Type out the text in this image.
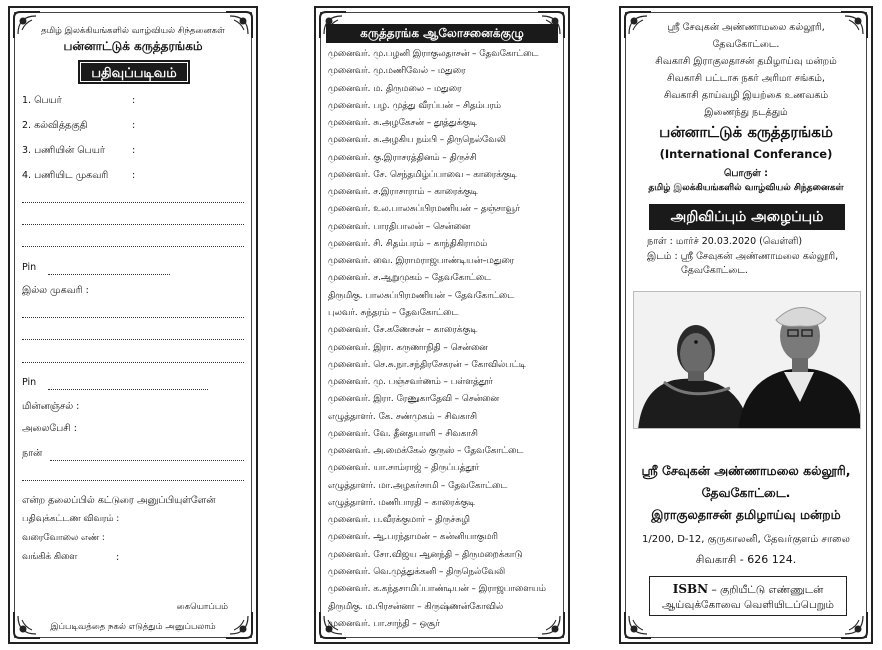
தமிழ் இலக்கியங்களில் வாழ்வியல் சிந்தனைகள்
பன்னாட்டுக் கருத்தரங்கம்
பதிவுப்படிவம்
1. பெயர்	:
2. கல்வித்தகுதி	:
3. பணியின் பெயர்	:
4. பணியிட முகவரி	:
Pin
இல்ல முகவரி :
Pin
மின்னஞ்சல் :
அலைபேசி :
நான்
என்ற தலைப்பில் கட்டுரை அனுப்பியுள்ளேன்
பதிவுக்கட்டண விவரம் :
வரைவோலை எண் :
வங்கிக் கிளை	:
கையொப்பம்
இப்படிவத்தை நகல் எடுத்தும் அனுப்பலாம்
கருத்தரங்க ஆலோசனைக்குழு
முனைவர். மு.பழனி இராகுலதாசன் – தேவகோட்டை
முனைவர். மு.மணிவேல் – மதுரை
முனைவர். ம. திருமலை – மதுரை
முனைவர். பழ. முத்து வீரப்பன் – சிதம்பரம்
முனைவர். சு.அழகேசன் – தூத்துக்குடி
முனைவர். சு.அழகிய நம்பி – திருநெல்வேலி
முனைவர். கு.இராசரத்தினம் – திருச்சி
முனைவர். சே. செந்தமிழ்ப்பாவை – காரைக்குடி
முனைவர். ச.இராசாராம் – காரைக்குடி
முனைவர். உல.பாலசுப்பிரமணியன் – தஞ்சாவூர்
முனைவர். பாரதிபாலன் – சென்னை
முனைவர். சி. சிதம்பரம் – காந்திகிராமம்
முனைவர். வை. இராமராஜபாண்டியன்–மதுரை
முனைவர். ச.ஆறுமுகம் – தேவகோட்டை
திருமிகு. பாலசுப்பிரமணியன் – தேவகோட்டை
புலவர். சுந்தரம் – தேவகோட்டை
முனைவர். சே.கணேசன் – காரைக்குடி
முனைவர். இரா. கருணாநிதி – சென்னை
முனைவர். செ.சு.நா.சந்திரசேகரன் – கோவில்பட்டி
முனைவர். மு. பஞ்சவர்ணம் – பள்ளத்தூர்
முனைவர். இரா. ரேணுகாதேவி – சென்னை
எழுத்தாளர். கே. சண்முகம் – சிவகாசி
முனைவர். வே. தீனதயாளி – சிவகாசி
முனைவர். அ.மைக்கேல் குருஸ் – தேவகோட்டை
முனைவர். யா.சாம்ராஜ் – திருப்பத்தூர்
எழுத்தாளர். மா.அழகர்சாமி – தேவகோட்டை
எழுத்தாளர். மணிபாரதி – காரைக்குடி
முனைவர். ப.வீரக்குமார் – திருச்சுழி
முனைவர். ஆ.பரந்தாமன் – கன்னியாகுமரி
முனைவர். சோ.விஜய ஆனந்தி – திருமறைக்காடு
முனைவர். வெ.முத்துக்கனி – திருநெல்வேலி
முனைவர். க.கந்தசாமிப்பாண்டியன் – இராஜபாளையம்
திருமிகு. ம.பிரசன்னா – கிருஷ்ணன்கோவில்
முனைவர். பா.சாந்தி – ஒசூர்
ஸ்ரீ சேவுகன் அண்ணாமலை கல்லூரி,
தேவகோட்டை.
சிவகாசி இராகுலதாசன் தமிழாய்வு மன்றம்
சிவகாசி பட்டாசு நகர் அரிமா சங்கம்,
சிவகாசி தாய்வழி இயற்கை உணவகம்
இணைந்து நடத்தும்
பன்னாட்டுக் கருத்தரங்கம்
(International Conferance)
பொருள் :
தமிழ் இலக்கியங்களில் வாழ்வியல் சிந்தனைகள்
அறிவிப்பும் அழைப்பும்
நாள் : மார்ச் 20.03.2020 (வெள்ளி)
இடம் : ஸ்ரீ சேவுகன் அண்ணாமலை கல்லூரி,
தேவகோட்டை.
ஸ்ரீ சேவுகன் அண்ணாமலை கல்லூரி,
தேவகோட்டை.
இராகுலதாசன் தமிழாய்வு மன்றம்
1/200, D-12, குருகாலனி, தேவர்குளம் சாலை
சிவகாசி - 626 124.
ISBN – குறியீட்டு எண்ணுடன்
ஆய்வுக்கோவை வெளியிடப்பெறும்
